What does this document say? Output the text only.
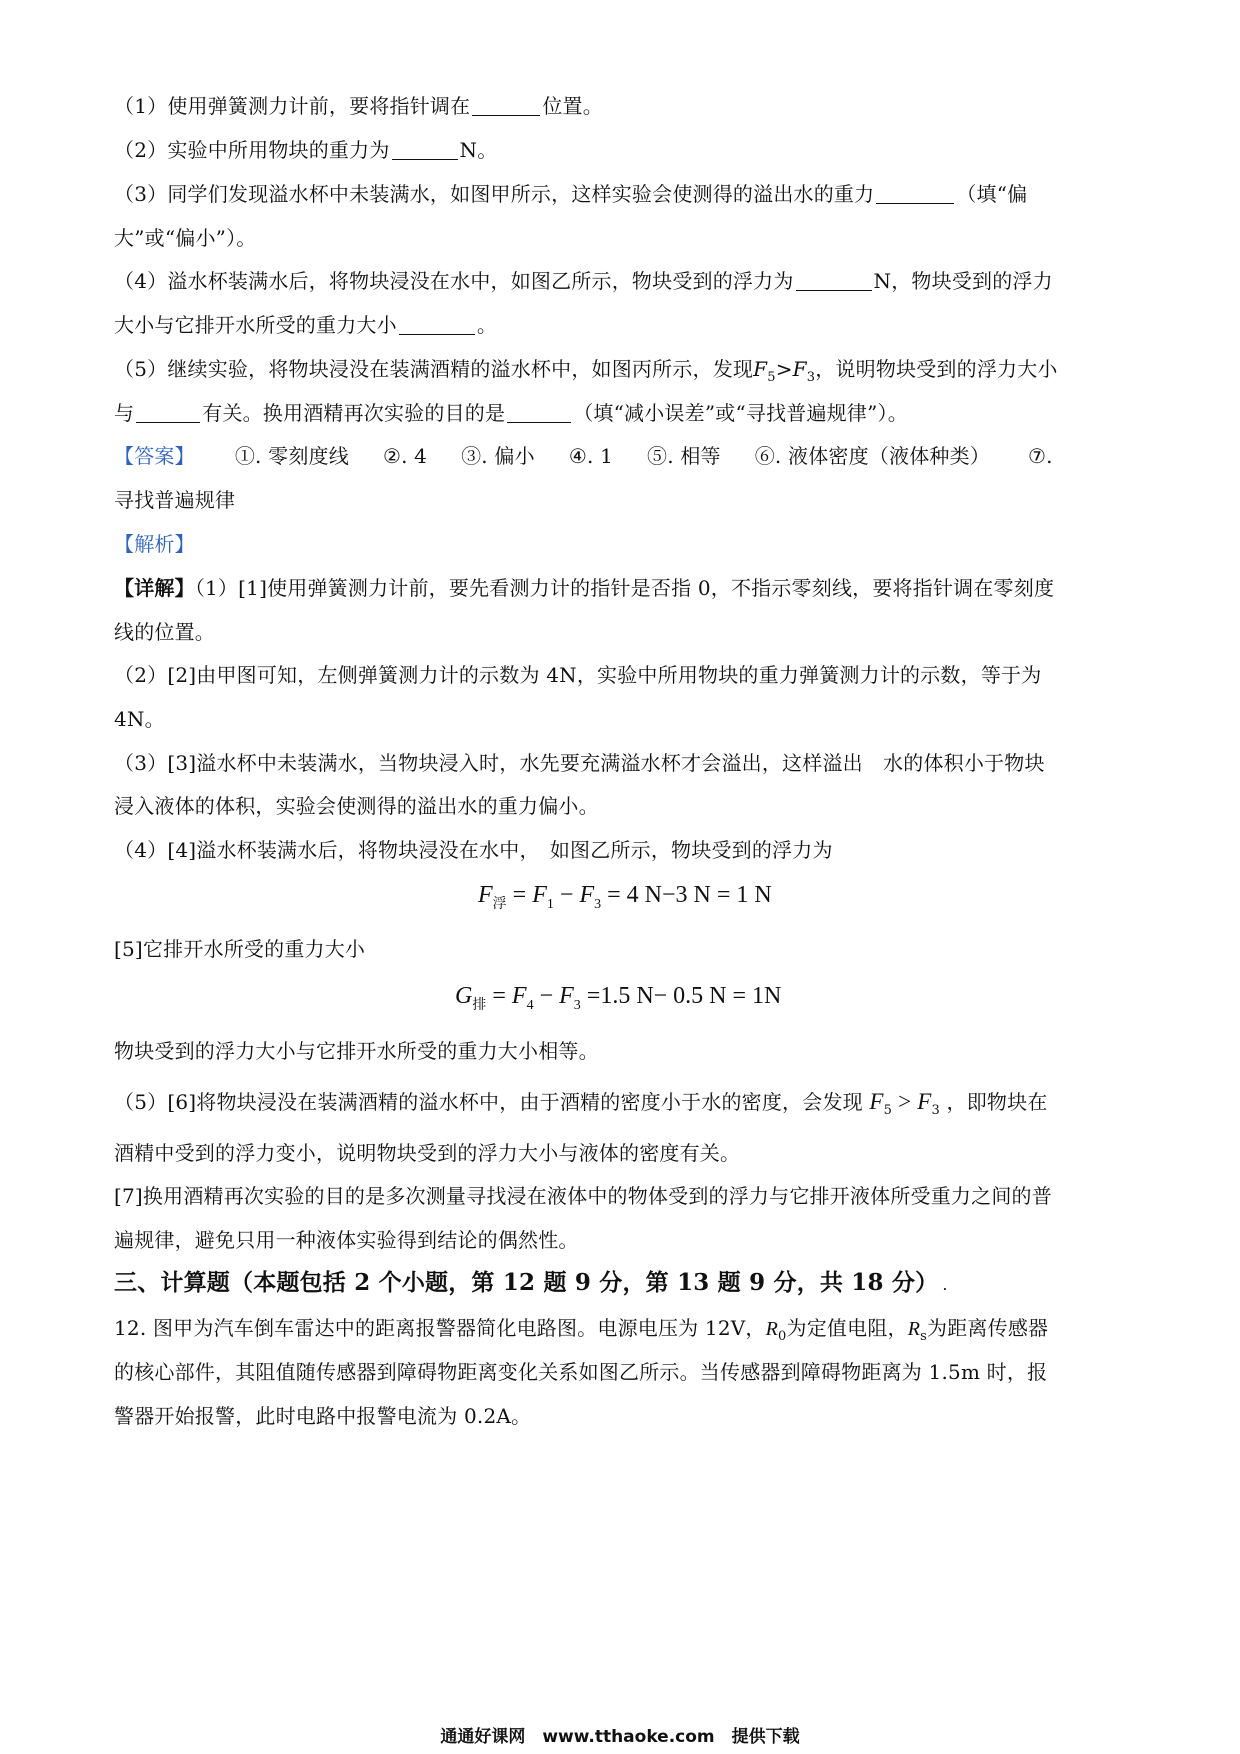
（1）使用弹簧测力计前，要将指针调在	位置。
（2）实验中所用物块的重力为	N。
（3）同学们发现溢水杯中未装满水，如图甲所示，这样实验会使测得的溢出水的重力	（填“偏
大”或“偏小”）。
（4）溢水杯装满水后，将物块浸没在水中，如图乙所示，物块受到的浮力为	N，物块受到的浮力
大小与它排开水所受的重力大小	。
（5）继续实验，将物块浸没在装满酒精的溢水杯中，如图丙所示，发现$F_5>F_3$，说明物块受到的浮力大小
与	有关。换用酒精再次实验的目的是	（填“减小误差”或“寻找普遍规律”）。
【答案】 ①. 零刻度线 ②. 4 ③. 偏小 ④. 1 ⑤. 相等 ⑥. 液体密度（液体种类） ⑦.
寻找普遍规律
【解析】
【详解】（1）[1]使用弹簧测力计前，要先看测力计的指针是否指 0，不指示零刻线，要将指针调在零刻度
线的位置。
（2）[2]由甲图可知，左侧弹簧测力计的示数为 4N，实验中所用物块的重力弹簧测力计的示数，等于为
4N。
（3）[3]溢水杯中未装满水，当物块浸入时，水先要充满溢水杯才会溢出，这样溢出　水的体积小于物块
浸入液体的体积，实验会使测得的溢出水的重力偏小。
（4）[4]溢水杯装满水后，将物块浸没在水中，　如图乙所示，物块受到的浮力为
$F_浮 = F_1 - F_3 = 4$ N−3 N = 1 N
[5]它排开水所受的重力大小
$G_排 = F_4 - F_3 =1.5$ N− 0.5 N = 1N
物块受到的浮力大小与它排开水所受的重力大小相等。
（5）[6]将物块浸没在装满酒精的溢水杯中，由于酒精的密度小于水的密度，会发现 $F_5 > F_3$ ，即物块在
酒精中受到的浮力变小，说明物块受到的浮力大小与液体的密度有关。
[7]换用酒精再次实验的目的是多次测量寻找浸在液体中的物体受到的浮力与它排开液体所受重力之间的普
遍规律，避免只用一种液体实验得到结论的偶然性。
三、计算题（本题包括 2 个小题，第 12 题 9 分，第 13 题 9 分，共 18 分） .
12. 图甲为汽车倒车雷达中的距离报警器简化电路图。电源电压为 12V，$R_0$为定值电阻，$R_s$为距离传感器
的核心部件，其阻值随传感器到障碍物距离变化关系如图乙所示。当传感器到障碍物距离为 1.5m 时，报
警器开始报警，此时电路中报警电流为 0.2A。
通通好课网　www.tthaoke.com　提供下载
